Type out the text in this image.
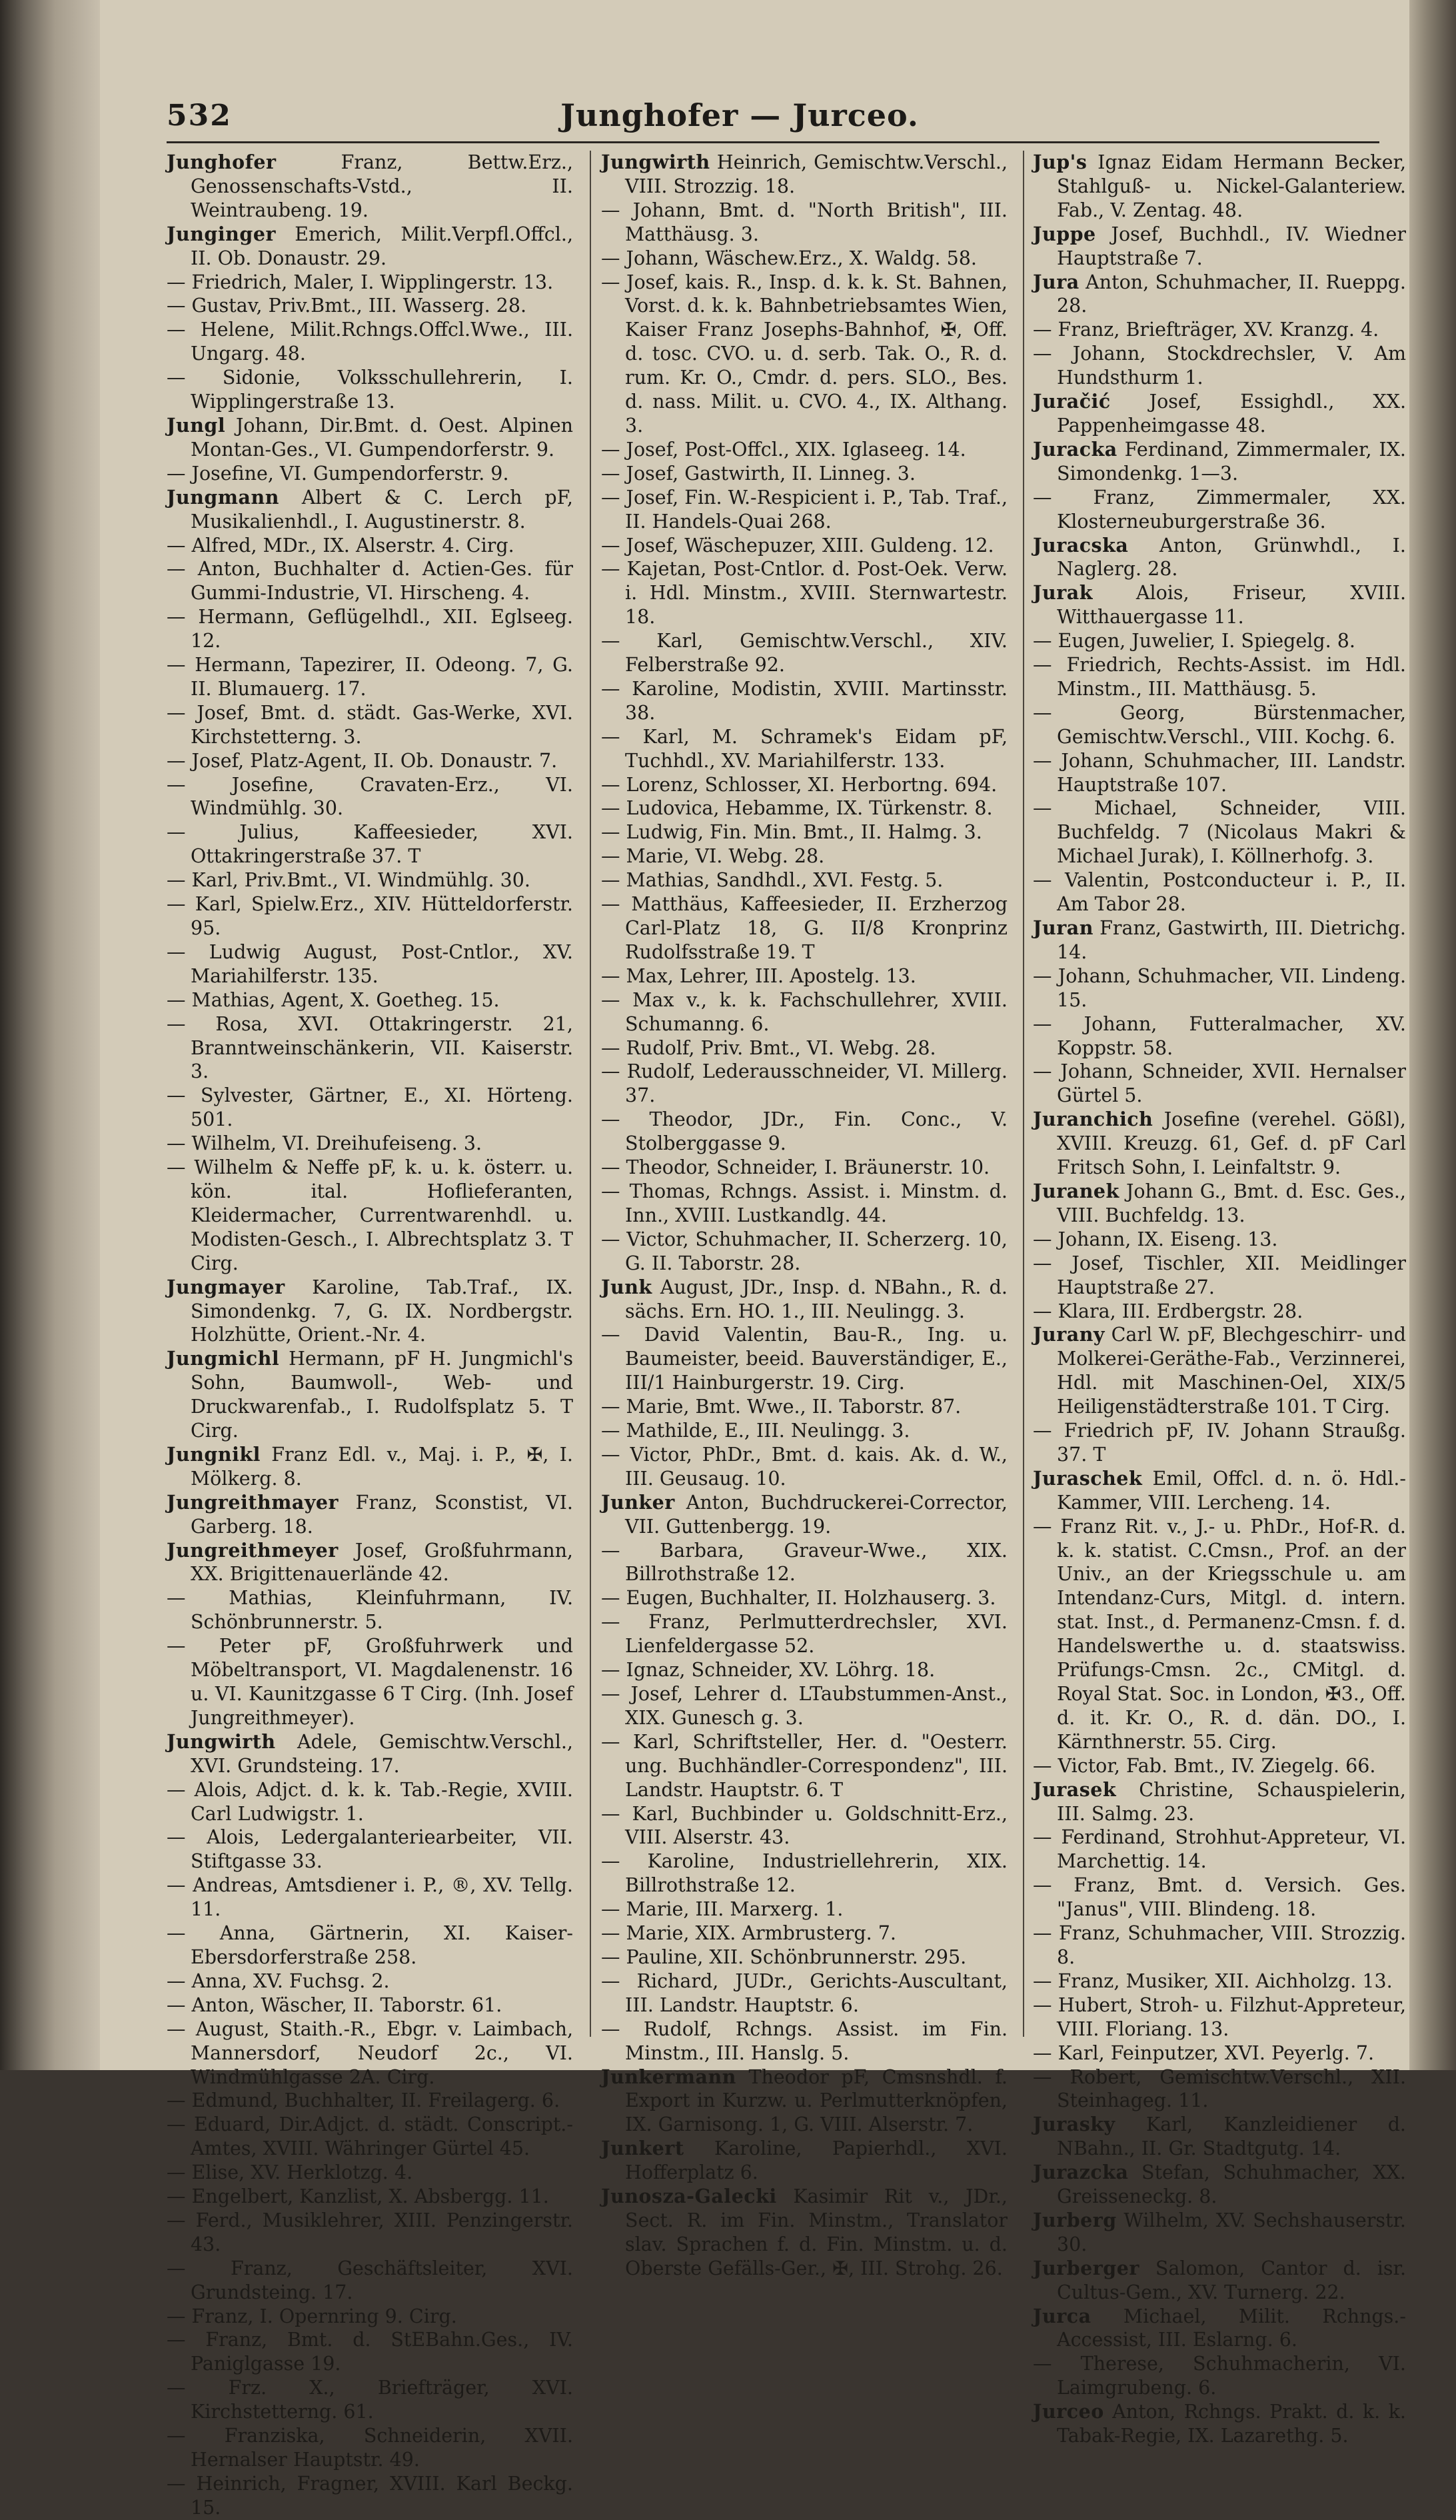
532	Junghofer — Jurceo.

Junghofer Franz, Bettw.Erz., Genossenschafts-Vstd., II. Weintraubeng. 19.

Junginger Emerich, Milit.Verpfl.Offcl., II. Ob. Donaustr. 29.

— Friedrich, Maler, I. Wipplingerstr. 13.

— Gustav, Priv.Bmt., III. Wasserg. 28.

— Helene, Milit.Rchngs.Offcl.Wwe., III. Ungarg. 48.

— Sidonie, Volksschullehrerin, I. Wipplingerstraße 13.

Jungl Johann, Dir.Bmt. d. Oest. Alpinen Montan-Ges., VI. Gumpendorferstr. 9.

— Josefine, VI. Gumpendorferstr. 9.

Jungmann Albert & C. Lerch pF, Musikalienhdl., I. Augustinerstr. 8.

— Alfred, MDr., IX. Alserstr. 4. Cirg.

— Anton, Buchhalter d. Actien-Ges. für Gummi-Industrie, VI. Hirscheng. 4.

— Hermann, Geflügelhdl., XII. Eglseeg. 12.

— Hermann, Tapezirer, II. Odeong. 7, G. II. Blumauerg. 17.

— Josef, Bmt. d. städt. Gas-Werke, XVI. Kirchstetterng. 3.

— Josef, Platz-Agent, II. Ob. Donaustr. 7.

— Josefine, Cravaten-Erz., VI. Windmühlg. 30.

— Julius, Kaffeesieder, XVI. Ottakringerstraße 37. T

— Karl, Priv.Bmt., VI. Windmühlg. 30.

— Karl, Spielw.Erz., XIV. Hütteldorferstr. 95.

— Ludwig August, Post-Cntlor., XV. Mariahilferstr. 135.

— Mathias, Agent, X. Goetheg. 15.

— Rosa, XVI. Ottakringerstr. 21, Branntweinschänkerin, VII. Kaiserstr. 3.

— Sylvester, Gärtner, E., XI. Hörteng. 501.

— Wilhelm, VI. Dreihufeiseng. 3.

— Wilhelm & Neffe pF, k. u. k. österr. u. kön. ital. Hoflieferanten, Kleidermacher, Currentwarenhdl. u. Modisten-Gesch., I. Albrechtsplatz 3. T Cirg.

Jungmayer Karoline, Tab.Traf., IX. Simondenkg. 7, G. IX. Nordbergstr. Holzhütte, Orient.-Nr. 4.

Jungmichl Hermann, pF H. Jungmichl's Sohn, Baumwoll-, Web- und Druckwarenfab., I. Rudolfsplatz 5. T Cirg.

Jungnikl Franz Edl. v., Maj. i. P., ✠, I. Mölkerg. 8.

Jungreithmayer Franz, Sconstist, VI. Garberg. 18.

Jungreithmeyer Josef, Großfuhrmann, XX. Brigittenauerlände 42.

— Mathias, Kleinfuhrmann, IV. Schönbrunnerstr. 5.

— Peter pF, Großfuhrwerk und Möbeltransport, VI. Magdalenenstr. 16 u. VI. Kaunitzgasse 6 T Cirg. (Inh. Josef Jungreithmeyer).

Jungwirth Adele, Gemischtw.Verschl., XVI. Grundsteing. 17.

— Alois, Adjct. d. k. k. Tab.-Regie, XVIII. Carl Ludwigstr. 1.

— Alois, Ledergalanteriearbeiter, VII. Stiftgasse 33.

— Andreas, Amtsdiener i. P., ®, XV. Tellg. 11.

— Anna, Gärtnerin, XI. Kaiser-Ebersdorferstraße 258.

— Anna, XV. Fuchsg. 2.

— Anton, Wäscher, II. Taborstr. 61.

— August, Staith.-R., Ebgr. v. Laimbach, Mannersdorf, Neudorf 2c., VI. Windmühlgasse 2A. Cirg.

— Edmund, Buchhalter, II. Freilagerg. 6.

— Eduard, Dir.Adjct. d. städt. Conscript.-Amtes, XVIII. Währinger Gürtel 45.

— Elise, XV. Herklotzg. 4.

— Engelbert, Kanzlist, X. Absbergg. 11.

— Ferd., Musiklehrer, XIII. Penzingerstr. 43.

— Franz, Geschäftsleiter, XVI. Grundsteing. 17.

— Franz, I. Opernring 9. Cirg.

— Franz, Bmt. d. StEBahn.Ges., IV. Paniglgasse 19.

— Frz. X., Briefträger, XVI. Kirchstetterng. 61.

— Franziska, Schneiderin, XVII. Hernalser Hauptstr. 49.

— Heinrich, Fragner, XVIII. Karl Beckg. 15.

Jungwirth Heinrich, Gemischtw.Verschl., VIII. Strozzig. 18.

— Johann, Bmt. d. "North British", III. Matthäusg. 3.

— Johann, Wäschew.Erz., X. Waldg. 58.

— Josef, kais. R., Insp. d. k. k. St. Bahnen, Vorst. d. k. k. Bahnbetriebsamtes Wien, Kaiser Franz Josephs-Bahnhof, ✠, Off. d. tosc. CVO. u. d. serb. Tak. O., R. d. rum. Kr. O., Cmdr. d. pers. SLO., Bes. d. nass. Milit. u. CVO. 4., IX. Althang. 3.

— Josef, Post-Offcl., XIX. Iglaseeg. 14.

— Josef, Gastwirth, II. Linneg. 3.

— Josef, Fin. W.-Respicient i. P., Tab. Traf., II. Handels-Quai 268.

— Josef, Wäschepuzer, XIII. Guldeng. 12.

— Kajetan, Post-Cntlor. d. Post-Oek. Verw. i. Hdl. Minstm., XVIII. Sternwartestr. 18.

— Karl, Gemischtw.Verschl., XIV. Felberstraße 92.

— Karoline, Modistin, XVIII. Martinsstr. 38.

— Karl, M. Schramek's Eidam pF, Tuchhdl., XV. Mariahilferstr. 133.

— Lorenz, Schlosser, XI. Herbortng. 694.

— Ludovica, Hebamme, IX. Türkenstr. 8.

— Ludwig, Fin. Min. Bmt., II. Halmg. 3.

— Marie, VI. Webg. 28.

— Mathias, Sandhdl., XVI. Festg. 5.

— Matthäus, Kaffeesieder, II. Erzherzog Carl-Platz 18, G. II/8 Kronprinz Rudolfsstraße 19. T

— Max, Lehrer, III. Apostelg. 13.

— Max v., k. k. Fachschullehrer, XVIII. Schumanng. 6.

— Rudolf, Priv. Bmt., VI. Webg. 28.

— Rudolf, Lederausschneider, VI. Millerg. 37.

— Theodor, JDr., Fin. Conc., V. Stolberggasse 9.

— Theodor, Schneider, I. Bräunerstr. 10.

— Thomas, Rchngs. Assist. i. Minstm. d. Inn., XVIII. Lustkandlg. 44.

— Victor, Schuhmacher, II. Scherzerg. 10, G. II. Taborstr. 28.

Junk August, JDr., Insp. d. NBahn., R. d. sächs. Ern. HO. 1., III. Neulingg. 3.

— David Valentin, Bau-R., Ing. u. Baumeister, beeid. Bauverständiger, E., III/1 Hainburgerstr. 19. Cirg.

— Marie, Bmt. Wwe., II. Taborstr. 87.

— Mathilde, E., III. Neulingg. 3.

— Victor, PhDr., Bmt. d. kais. Ak. d. W., III. Geusaug. 10.

Junker Anton, Buchdruckerei-Corrector, VII. Guttenbergg. 19.

— Barbara, Graveur-Wwe., XIX. Billrothstraße 12.

— Eugen, Buchhalter, II. Holzhauserg. 3.

— Franz, Perlmutterdrechsler, XVI. Lienfeldergasse 52.

— Ignaz, Schneider, XV. Löhrg. 18.

— Josef, Lehrer d. LTaubstummen-Anst., XIX. Gunesch g. 3.

— Karl, Schriftsteller, Her. d. "Oesterr. ung. Buchhändler-Correspondenz", III. Landstr. Hauptstr. 6. T

— Karl, Buchbinder u. Goldschnitt-Erz., VIII. Alserstr. 43.

— Karoline, Industriellehrerin, XIX. Billrothstraße 12.

— Marie, III. Marxerg. 1.

— Marie, XIX. Armbrusterg. 7.

— Pauline, XII. Schönbrunnerstr. 295.

— Richard, JUDr., Gerichts-Auscultant, III. Landstr. Hauptstr. 6.

— Rudolf, Rchngs. Assist. im Fin. Minstm., III. Hanslg. 5.

Junkermann Theodor pF, Cmsnshdl. f. Export in Kurzw. u. Perlmutterknöpfen, IX. Garnisong. 1, G. VIII. Alserstr. 7.

Junkert Karoline, Papierhdl., XVI. Hofferplatz 6.

Junosza-Galecki Kasimir Rit v., JDr., Sect. R. im Fin. Minstm., Translator slav. Sprachen f. d. Fin. Minstm. u. d. Oberste Gefälls-Ger., ✠, III. Strohg. 26.

Jup's Ignaz Eidam Hermann Becker, Stahlguß- u. Nickel-Galanteriew. Fab., V. Zentag. 48.

Juppe Josef, Buchhdl., IV. Wiedner Hauptstraße 7.

Jura Anton, Schuhmacher, II. Rueppg. 28.

— Franz, Briefträger, XV. Kranzg. 4.

— Johann, Stockdrechsler, V. Am Hundsthurm 1.

Juračić Josef, Essighdl., XX. Pappenheimgasse 48.

Juracka Ferdinand, Zimmermaler, IX. Simondenkg. 1—3.

— Franz, Zimmermaler, XX. Klosterneuburgerstraße 36.

Juracska Anton, Grünwhdl., I. Naglerg. 28.

Jurak Alois, Friseur, XVIII. Witthauergasse 11.

— Eugen, Juwelier, I. Spiegelg. 8.

— Friedrich, Rechts-Assist. im Hdl. Minstm., III. Matthäusg. 5.

— Georg, Bürstenmacher, Gemischtw.Verschl., VIII. Kochg. 6.

— Johann, Schuhmacher, III. Landstr. Hauptstraße 107.

— Michael, Schneider, VIII. Buchfeldg. 7 (Nicolaus Makri & Michael Jurak), I. Köllnerhofg. 3.

— Valentin, Postconducteur i. P., II. Am Tabor 28.

Juran Franz, Gastwirth, III. Dietrichg. 14.

— Johann, Schuhmacher, VII. Lindeng. 15.

— Johann, Futteralmacher, XV. Koppstr. 58.

— Johann, Schneider, XVII. Hernalser Gürtel 5.

Juranchich Josefine (verehel. Gößl), XVIII. Kreuzg. 61, Gef. d. pF Carl Fritsch Sohn, I. Leinfaltstr. 9.

Juranek Johann G., Bmt. d. Esc. Ges., VIII. Buchfeldg. 13.

— Johann, IX. Eiseng. 13.

— Josef, Tischler, XII. Meidlinger Hauptstraße 27.

— Klara, III. Erdbergstr. 28.

Jurany Carl W. pF, Blechgeschirr- und Molkerei-Geräthe-Fab., Verzinnerei, Hdl. mit Maschinen-Oel, XIX/5 Heiligenstädterstraße 101. T Cirg.

— Friedrich pF, IV. Johann Straußg. 37. T

Juraschek Emil, Offcl. d. n. ö. Hdl.-Kammer, VIII. Lercheng. 14.

— Franz Rit. v., J.- u. PhDr., Hof-R. d. k. k. statist. C.Cmsn., Prof. an der Univ., an der Kriegsschule u. am Intendanz-Curs, Mitgl. d. intern. stat. Inst., d. Permanenz-Cmsn. f. d. Handelswerthe u. d. staatswiss. Prüfungs-Cmsn. 2c., CMitgl. d. Royal Stat. Soc. in London, ✠3., Off. d. it. Kr. O., R. d. dän. DO., I. Kärnthnerstr. 55. Cirg.

— Victor, Fab. Bmt., IV. Ziegelg. 66.

Jurasek Christine, Schauspielerin, III. Salmg. 23.

— Ferdinand, Strohhut-Appreteur, VI. Marchettig. 14.

— Franz, Bmt. d. Versich. Ges. "Janus", VIII. Blindeng. 18.

— Franz, Schuhmacher, VIII. Strozzig. 8.

— Franz, Musiker, XII. Aichholzg. 13.

— Hubert, Stroh- u. Filzhut-Appreteur, VIII. Floriang. 13.

— Karl, Feinputzer, XVI. Peyerlg. 7.

— Robert, Gemischtw.Verschl., XII. Steinhageg. 11.

Jurasky Karl, Kanzleidiener d. NBahn., II. Gr. Stadtgutg. 14.

Jurazcka Stefan, Schuhmacher, XX. Greisseneckg. 8.

Jurberg Wilhelm, XV. Sechshauserstr. 30.

Jurberger Salomon, Cantor d. isr. Cultus-Gem., XV. Turnerg. 22.

Jurca Michael, Milit. Rchngs.-Accessist, III. Eslarng. 6.

— Therese, Schuhmacherin, VI. Laimgrubeng. 6.

Jurceo Anton, Rchngs. Prakt. d. k. k. Tabak-Regie, IX. Lazarethg. 5.
